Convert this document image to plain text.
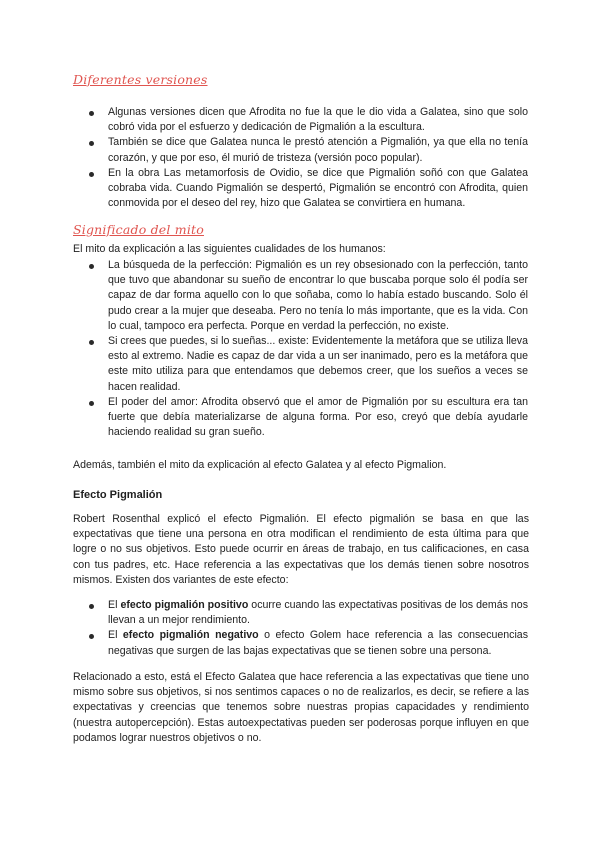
Diferentes versiones
Algunas versiones dicen que Afrodita no fue la que le dio vida a Galatea, sino que solo cobró vida por el esfuerzo y dedicación de Pigmalión a la escultura.
También se dice que Galatea nunca le prestó atención a Pigmalión, ya que ella no tenía corazón, y que por eso, él murió de tristeza (versión poco popular).
En la obra Las metamorfosis de Ovidio, se dice que Pigmalión soñó con que Galatea cobraba vida. Cuando Pigmalión se despertó, Pigmalión se encontró con Afrodita, quien conmovida por el deseo del rey, hizo que Galatea se convirtiera en humana.
Significado del mito

El mito da explicación a las siguientes cualidades de los humanos:

La búsqueda de la perfección: Pigmalión es un rey obsesionado con la perfección, tanto que tuvo que abandonar su sueño de encontrar lo que buscaba porque solo él podía ser capaz de dar forma aquello con lo que soñaba, como lo había estado buscando. Solo él pudo crear a la mujer que deseaba. Pero no tenía lo más importante, que es la vida. Con lo cual, tampoco era perfecta. Porque en verdad la perfección, no existe.
Si crees que puedes, si lo sueñas... existe: Evidentemente la metáfora que se utiliza lleva esto al extremo. Nadie es capaz de dar vida a un ser inanimado, pero es la metáfora que este mito utiliza para que entendamos que debemos creer, que los sueños a veces se hacen realidad.
El poder del amor: Afrodita observó que el amor de Pigmalión por su escultura era tan fuerte que debía materializarse de alguna forma. Por eso, creyó que debía ayudarle haciendo realidad su gran sueño.

Además, también el mito da explicación al efecto Galatea y al efecto Pigmalion.

Efecto Pigmalión

Robert Rosenthal explicó el efecto Pigmalión. El efecto pigmalión se basa en que las expectativas que tiene una persona en otra modifican el rendimiento de esta última para que logre o no sus objetivos. Esto puede ocurrir en áreas de trabajo, en tus calificaciones, en casa con tus padres, etc. Hace referencia a las expectativas que los demás tienen sobre nosotros mismos. Existen dos variantes de este efecto:

El efecto pigmalión positivo ocurre cuando las expectativas positivas de los demás nos llevan a un mejor rendimiento.
El efecto pigmalión negativo o efecto Golem hace referencia a las consecuencias negativas que surgen de las bajas expectativas que se tienen sobre una persona.

Relacionado a esto, está el Efecto Galatea que hace referencia a las expectativas que tiene uno mismo sobre sus objetivos, si nos sentimos capaces o no de realizarlos, es decir, se refiere a las expectativas y creencias que tenemos sobre nuestras propias capacidades y rendimiento (nuestra autopercepción). Estas autoexpectativas pueden ser poderosas porque influyen en que podamos lograr nuestros objetivos o no.
